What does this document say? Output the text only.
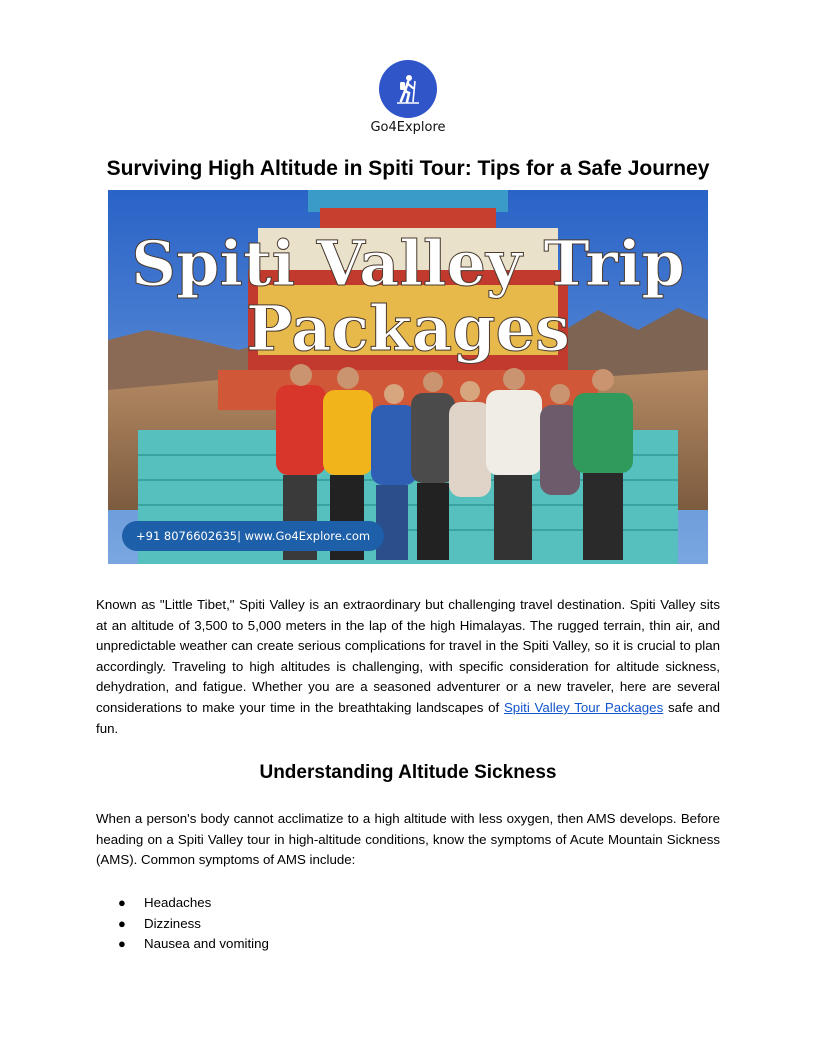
Go4Explore
Surviving High Altitude in Spiti Tour: Tips for a Safe Journey
Spiti Valley Trip
Packages
+91 8076602635| www.Go4Explore.com

Known as "Little Tibet," Spiti Valley is an extraordinary but challenging travel destination. Spiti Valley sits at an altitude of 3,500 to 5,000 meters in the lap of the high Himalayas. The rugged terrain, thin air, and unpredictable weather can create serious complications for travel in the Spiti Valley, so it is crucial to plan accordingly. Traveling to high altitudes is challenging, with specific consideration for altitude sickness, dehydration, and fatigue. Whether you are a seasoned adventurer or a new traveler, here are several considerations to make your time in the breathtaking landscapes of Spiti Valley Tour Packages safe and fun.

Understanding Altitude Sickness

When a person's body cannot acclimatize to a high altitude with less oxygen, then AMS develops. Before heading on a Spiti Valley tour in high-altitude conditions, know the symptoms of Acute Mountain Sickness (AMS). Common symptoms of AMS include:

● Headaches
● Dizziness
● Nausea and vomiting
